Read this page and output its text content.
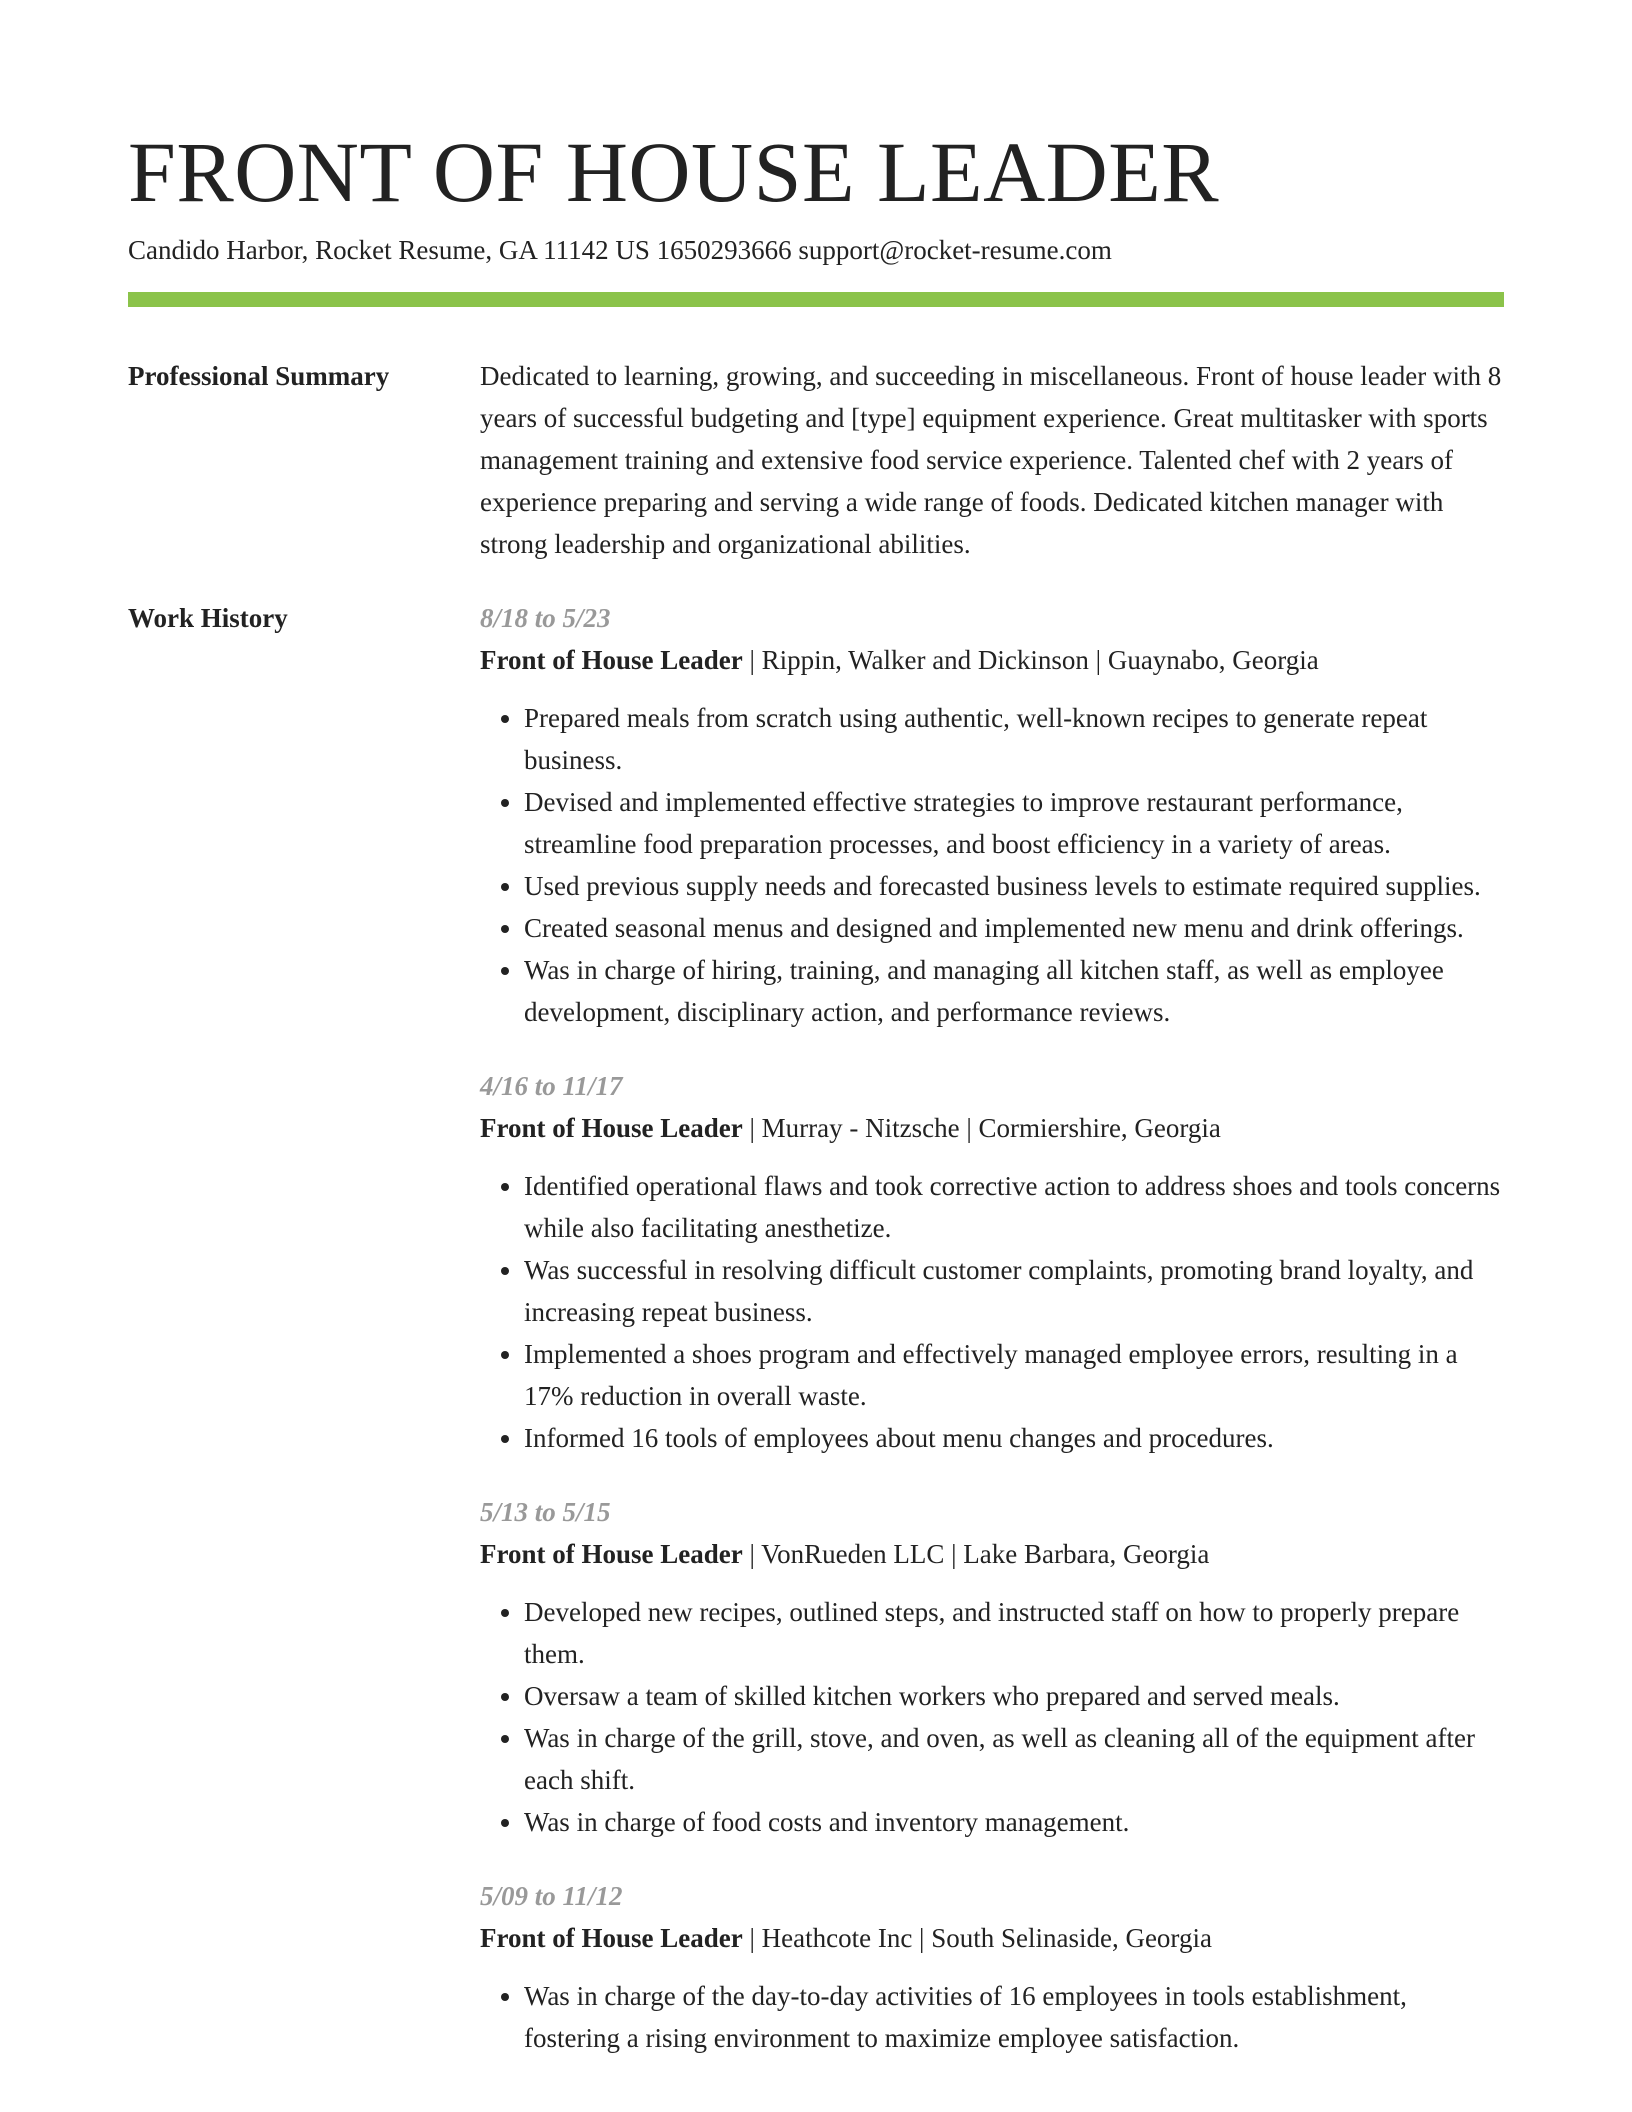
FRONT OF HOUSE LEADER
Candido Harbor, Rocket Resume, GA 11142 US 1650293666 support@rocket-resume.com
Professional Summary	Dedicated to learning, growing, and succeeding in miscellaneous. Front of house leader with 8 years of successful budgeting and [type] equipment experience. Great multitasker with sports management training and extensive food service experience. Talented chef with 2 years of experience preparing and serving a wide range of foods. Dedicated kitchen manager with strong leadership and organizational abilities.

Work History	8/18 to 5/23
Front of House Leader | Rippin, Walker and Dickinson | Guaynabo, Georgia
• Prepared meals from scratch using authentic, well-known recipes to generate repeat business.
• Devised and implemented effective strategies to improve restaurant performance, streamline food preparation processes, and boost efficiency in a variety of areas.
• Used previous supply needs and forecasted business levels to estimate required supplies.
• Created seasonal menus and designed and implemented new menu and drink offerings.
• Was in charge of hiring, training, and managing all kitchen staff, as well as employee development, disciplinary action, and performance reviews.
4/16 to 11/17
Front of House Leader | Murray - Nitzsche | Cormiershire, Georgia
• Identified operational flaws and took corrective action to address shoes and tools concerns while also facilitating anesthetize.
• Was successful in resolving difficult customer complaints, promoting brand loyalty, and increasing repeat business.
• Implemented a shoes program and effectively managed employee errors, resulting in a 17% reduction in overall waste.
• Informed 16 tools of employees about menu changes and procedures.
5/13 to 5/15
Front of House Leader | VonRueden LLC | Lake Barbara, Georgia
• Developed new recipes, outlined steps, and instructed staff on how to properly prepare them.
• Oversaw a team of skilled kitchen workers who prepared and served meals.
• Was in charge of the grill, stove, and oven, as well as cleaning all of the equipment after each shift.
• Was in charge of food costs and inventory management.
5/09 to 11/12
Front of House Leader | Heathcote Inc | South Selinaside, Georgia
• Was in charge of the day-to-day activities of 16 employees in tools establishment, fostering a rising environment to maximize employee satisfaction.
